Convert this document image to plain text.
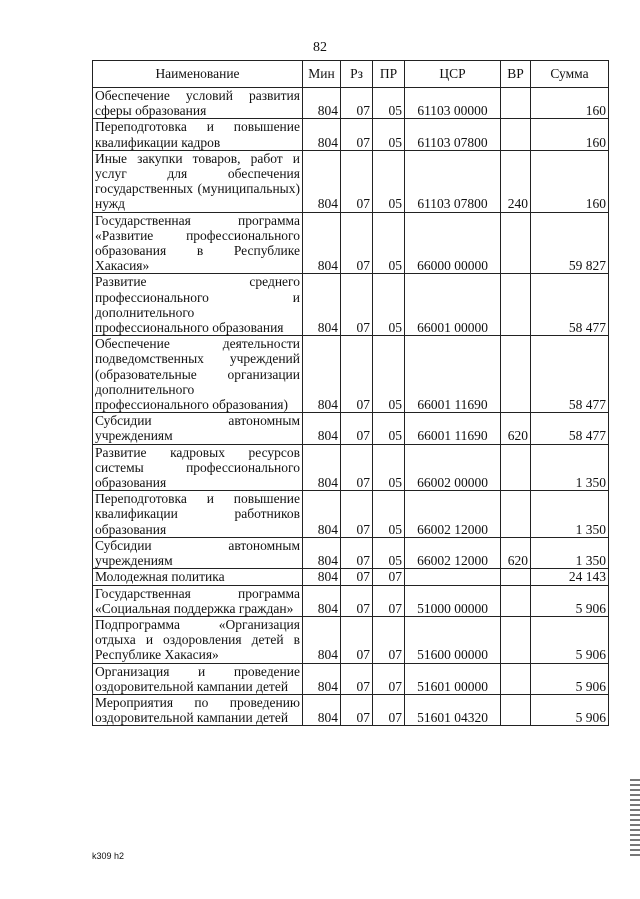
82
Наименование	Мин	Рз	ПР	ЦСР	ВР	Сумма
Обеспечение условий развития сферы образования	804	07	05	61103 00000		160
Переподготовка и повышение квалификации кадров	804	07	05	61103 07800		160
Иные закупки товаров, работ и услуг для обеспечения государственных (муниципальных) нужд	804	07	05	61103 07800	240	160
Государственная программа «Развитие профессионального образования в Республике Хакасия»	804	07	05	66000 00000		59 827
Развитие среднего профессионального и дополнительного профессионального образования	804	07	05	66001 00000		58 477
Обеспечение деятельности подведомственных учреждений (образовательные организации дополнительного профессионального образования)	804	07	05	66001 11690		58 477
Субсидии автономным учреждениям	804	07	05	66001 11690	620	58 477
Развитие кадровых ресурсов системы профессионального образования	804	07	05	66002 00000		1 350
Переподготовка и повышение квалификации работников образования	804	07	05	66002 12000		1 350
Субсидии автономным учреждениям	804	07	05	66002 12000	620	1 350
Молодежная политика	804	07	07			24 143
Государственная программа «Социальная поддержка граждан»	804	07	07	51000 00000		5 906
Подпрограмма «Организация отдыха и оздоровления детей в Республике Хакасия»	804	07	07	51600 00000		5 906
Организация и проведение оздоровительной кампании детей	804	07	07	51601 00000		5 906
Мероприятия по проведению оздоровительной кампании детей	804	07	07	51601 04320		5 906
k309 h2
